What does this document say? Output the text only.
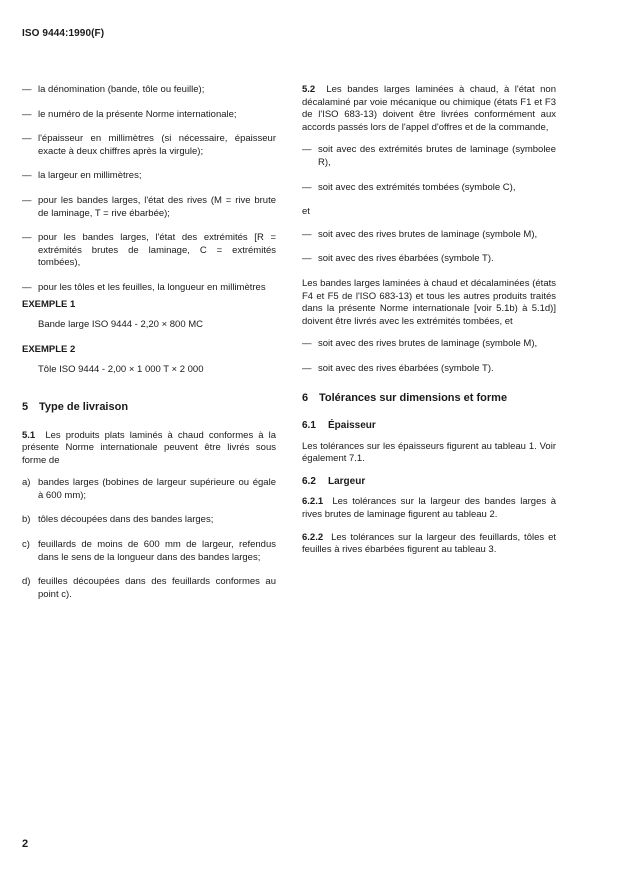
ISO 9444:1990(F)
— la dénomination (bande, tôle ou feuille);
— le numéro de la présente Norme internationale;
— l'épaisseur en millimètres (si nécessaire, épaisseur exacte à deux chiffres après la virgule);
— la largeur en millimètres;
— pour les bandes larges, l'état des rives (M = rive brute de laminage, T = rive ébarbée);
— pour les bandes larges, l'état des extrémités [R = extrémités brutes de laminage, C = extrémités tombées),
— pour les tôles et les feuilles, la longueur en millimètres
EXEMPLE 1
Bande large ISO 9444 - 2,20 × 800 MC
EXEMPLE 2
Tôle ISO 9444 - 2,00 × 1 000 T × 2 000
5 Type de livraison

5.1 Les produits plats laminés à chaud conformes à la présente Norme internationale peuvent être livrés sous forme de

a) bandes larges (bobines de largeur supérieure ou égale à 600 mm);
b) tôles découpées dans des bandes larges;
c) feuillards de moins de 600 mm de largeur, refendus dans le sens de la longueur dans des bandes larges;
d) feuilles découpées dans des feuillards conformes au point c).

5.2 Les bandes larges laminées à chaud, à l'état non décalaminé par voie mécanique ou chimique (états F1 et F3 de l'ISO 683-13) doivent être livrées conformément aux accords passés lors de l'appel d'offres et de la commande,

— soit avec des extrémités brutes de laminage (symbolee R),
— soit avec des extrémités tombées (symbole C),

et

— soit avec des rives brutes de laminage (symbole M),
— soit avec des rives ébarbées (symbole T).

Les bandes larges laminées à chaud et décalaminées (états F4 et F5 de l'ISO 683-13) et tous les autres produits traités dans la présente Norme internationale [voir 5.1b) à 5.1d)] doivent être livrés avec les extrémités tombées, et

— soit avec des rives brutes de laminage (symbole M),
— soit avec des rives ébarbées (symbole T).
6 Tolérances sur dimensions et forme
6.1	Épaisseur

Les tolérances sur les épaisseurs figurent au tableau 1. Voir également 7.1.

6.2	Largeur

6.2.1 Les tolérances sur la largeur des bandes larges à rives brutes de laminage figurent au tableau 2.

6.2.2 Les tolérances sur la largeur des feuillards, tôles et feuilles à rives ébarbées figurent au tableau 3.

2
